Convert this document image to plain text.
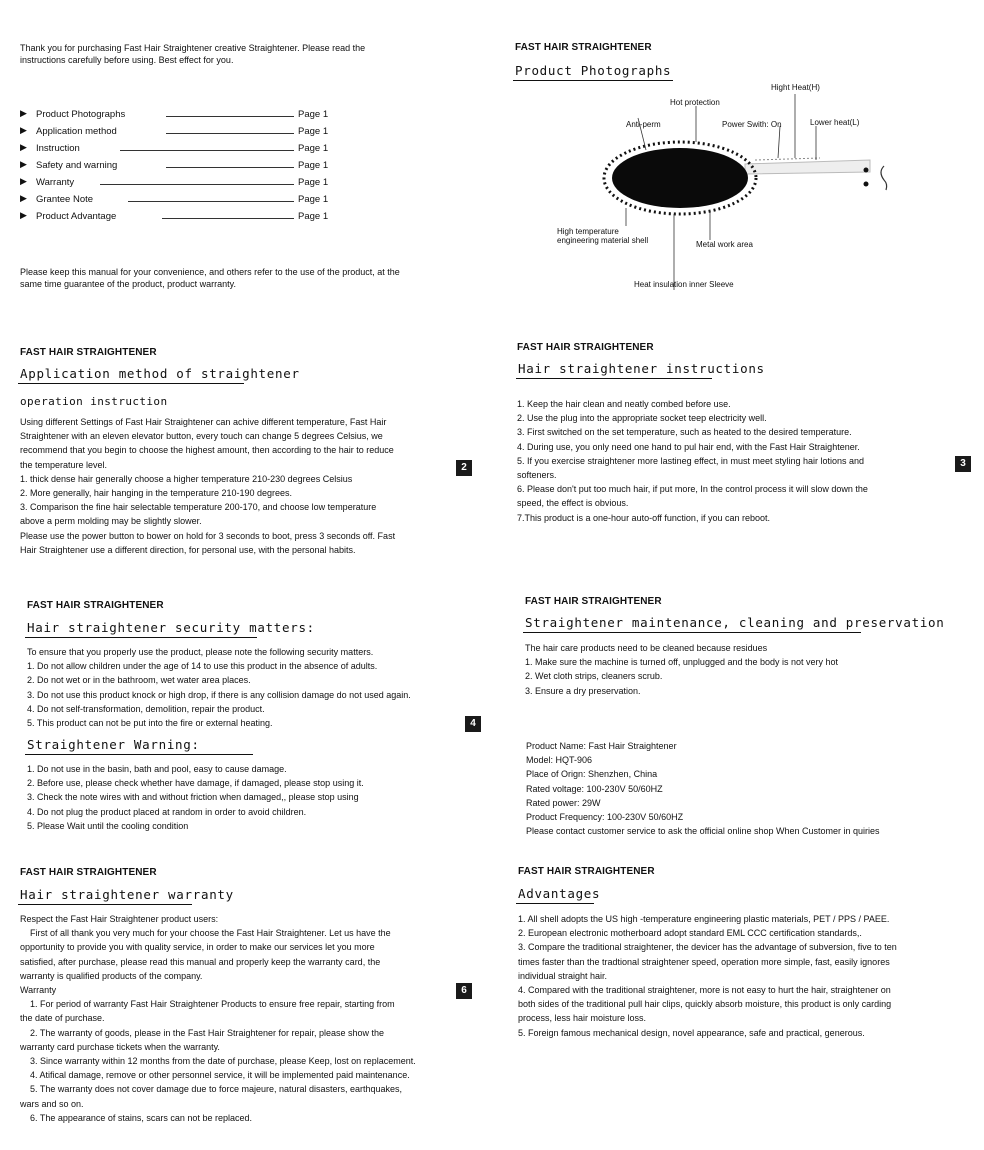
Thank you for purchasing Fast Hair Straightener creative Straightener. Please read the
instructions carefully before using. Best effect for you.
▶ Product Photographs	Page 1
▶ Application method	Page 1
▶ Instruction	Page 1
▶ Safety and warning	Page 1
▶ Warranty	Page 1
▶ Grantee Note	Page 1
▶ Product Advantage	Page 1
Please keep this manual for your convenience, and others refer to the use of the product, at the
same time guarantee of the product, product warranty.
FAST HAIR STRAIGHTENER
Product Photographs
Hight Heat(H)
Hot protection
Anti-perm	Power Swith: On	Lower heat(L)
High temperature
engineering material shell	Metal work area
Heat insulation inner Sleeve
FAST HAIR STRAIGHTENER
Application method of straightener
operation instruction
Using different Settings of Fast Hair Straightener can achive different temperature, Fast Hair
Straightener with an eleven elevator button, every touch can change 5 degrees Celsius, we
recommend that you begin to choose the highest amount, then according to the hair to reduce
the temperature level.
1. thick dense hair generally choose a higher temperature 210-230 degrees Celsius
2. More generally, hair hanging in the temperature 210-190 degrees.
3. Comparison the fine hair selectable temperature 200-170, and choose low temperature
above a perm molding may be slightly slower.
Please use the power button to bower on hold for 3 seconds to boot, press 3 seconds off. Fast
Hair Straightener use a different direction, for personal use, with the personal habits.
2
FAST HAIR STRAIGHTENER
Hair straightener instructions
1. Keep the hair clean and neatly combed before use.
2. Use the plug into the appropriate socket teep electricity well.
3. First switched on the set temperature, such as heated to the desired temperature.
4. During use, you only need one hand to pul hair end, with the Fast Hair Straightener.
5. If you exercise straightener more lastineg effect, in must meet styling hair lotions and
softeners.
6. Please don't put too much hair, if put more, In the control process it will slow down the
speed, the effect is obvious.
7.This product is a one-hour auto-off function, if you can reboot.
3
FAST HAIR STRAIGHTENER
Hair straightener security matters:
To ensure that you properly use the product, please note the following security matters.
1. Do not allow children under the age of 14 to use this product in the absence of adults.
2. Do not wet or in the bathroom, wet water area places.
3. Do not use this product knock or high drop, if there is any collision damage do not used again.
4. Do not self-transformation, demolition, repair the product.
5. This product can not be put into the fire or external heating.	4
Straightener Warning:
1. Do not use in the basin, bath and pool, easy to cause damage.
2. Before use, please check whether have damage, if damaged, please stop using it.
3. Check the note wires with and without friction when damaged,, please stop using
4. Do not plug the product placed at random in order to avoid children.
5. Please Wait until the cooling condition
FAST HAIR STRAIGHTENER
Straightener maintenance, cleaning and preservation
The hair care products need to be cleaned because residues
1. Make sure the machine is turned off, unplugged and the body is not very hot
2. Wet cloth strips, cleaners scrub.
3. Ensure a dry preservation.
Product Name: Fast Hair Straightener
Model: HQT-906
Place of Orign: Shenzhen, China
Rated voltage: 100-230V 50/60HZ
Rated power: 29W
Product Frequency: 100-230V 50/60HZ
Please contact customer service to ask the official online shop When Customer in quiries
FAST HAIR STRAIGHTENER
Hair straightener warranty
Respect the Fast Hair Straightener product users:
First of all thank you very much for your choose the Fast Hair Straightener. Let us have the
opportunity to provide you with quality service, in order to make our services let you more
satisfied, after purchase, please read this manual and properly keep the warranty card, the
warranty is qualified products of the company.
Warranty
1. For period of warranty Fast Hair Straightener Products to ensure free repair, starting from
the date of purchase.
2. The warranty of goods, please in the Fast Hair Straightener for repair, please show the
warranty card purchase tickets when the warranty.
3. Since warranty within 12 months from the date of purchase, please Keep, lost on replacement.
4. Atifical damage, remove or other personnel service, it will be implemented paid maintenance.
5. The warranty does not cover damage due to force majeure, natural disasters, earthquakes,
wars and so on.
6. The appearance of stains, scars can not be replaced.
6
FAST HAIR STRAIGHTENER
Advantages
1. All shell adopts the US high -temperature engineering plastic materials, PET / PPS / PAEE.
2. European electronic motherboard adopt standard EML CCC certification standards,.
3. Compare the traditional straightener, the devicer has the advantage of subversion, five to ten
times faster than the tradtional straightener speed, operation more simple, fast, easily ignores
individual straight hair.
4. Compared with the traditional straightener, more is not easy to hurt the hair, straightener on
both sides of the traditional pull hair clips, quickly absorb moisture, this product is only carding
process, less hair moisture loss.
5. Foreign famous mechanical design, novel appearance, safe and practical, generous.
